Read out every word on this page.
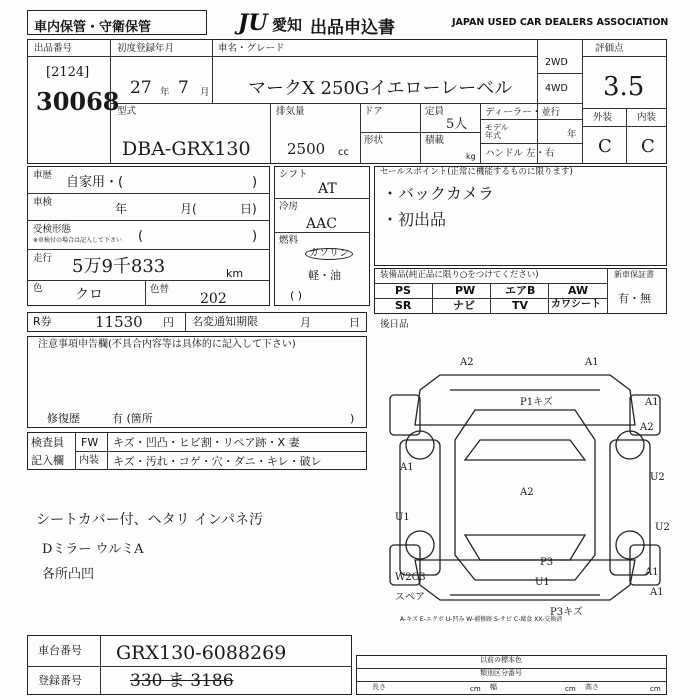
車内保管・守衛保管	JU 愛知 出品申込書	JAPAN USED CAR DEALERS ASSOCIATION
出品番号
[2124]
30068
初度登録年月
27 年 7 月
車名・グレード
マークX 250Gイエローレーベル
2WD
4WD
評価点
3.5
型式
DBA-GRX130
排気量
2500 cc
ドア
形状
定員
5人
積載
kg
ディーラー・並行
モデル年式	年
ハンドル 左・右
外装	内装
C C
車歴 自家用・(	)
車検	年	月(	日)
受検形態
※車検付の場合は記入して下さい (	)
走行 5万9千833	km
色 クロ	色替
202
シフト
AT
冷房
AAC
燃料
ガソリン
軽・油
( )
セールスポイント(正常に機能するものに限ります)
・バックカメラ
・初出品
装備品(純正品に限り○をつけてください)
PS	PW	エアB	AW
SR	ナビ	TV カワシート
新車保証書
有・無
R券	11530 円 名変通知期限	月	日 後日品
注意事項申告欄(不具合内容等は具体的に記入して下さい)
修復歴	有 (箇所	)
検査員
記入欄
FW キズ・凹凸・ヒビ割・リペア跡・X 妻
内装 キズ・汚れ・コゲ・穴・ダニ・キレ・破レ
シートカバー付、ヘタリ インパネ汚
Dミラー ウルミA
各所凸凹
A2	A1
P1キズ	A1
A2
A1
U2
U1
U2
A2
P3
U1
W2C3	A1
スペア
P3キズ
A1
A-キズ E-エクボ U-凹み W-補修跡 S-サビ C-腐食 XX-交換済
車台番号 GRX130-6088269
登録番号	330 ま 3186
以前の標本色
類別区分番号
長さ	cm 幅	cm 高さ	cm
